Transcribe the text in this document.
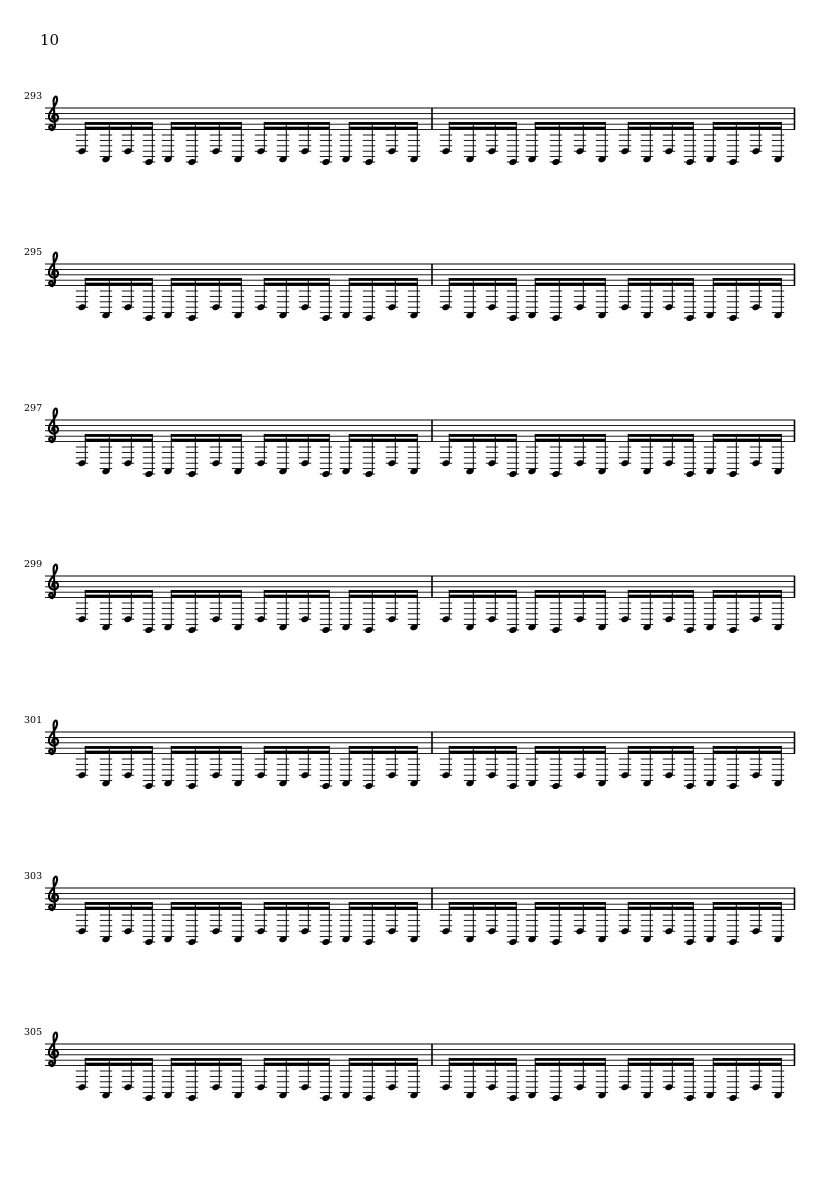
10
293
295
297
299
301
303
305
